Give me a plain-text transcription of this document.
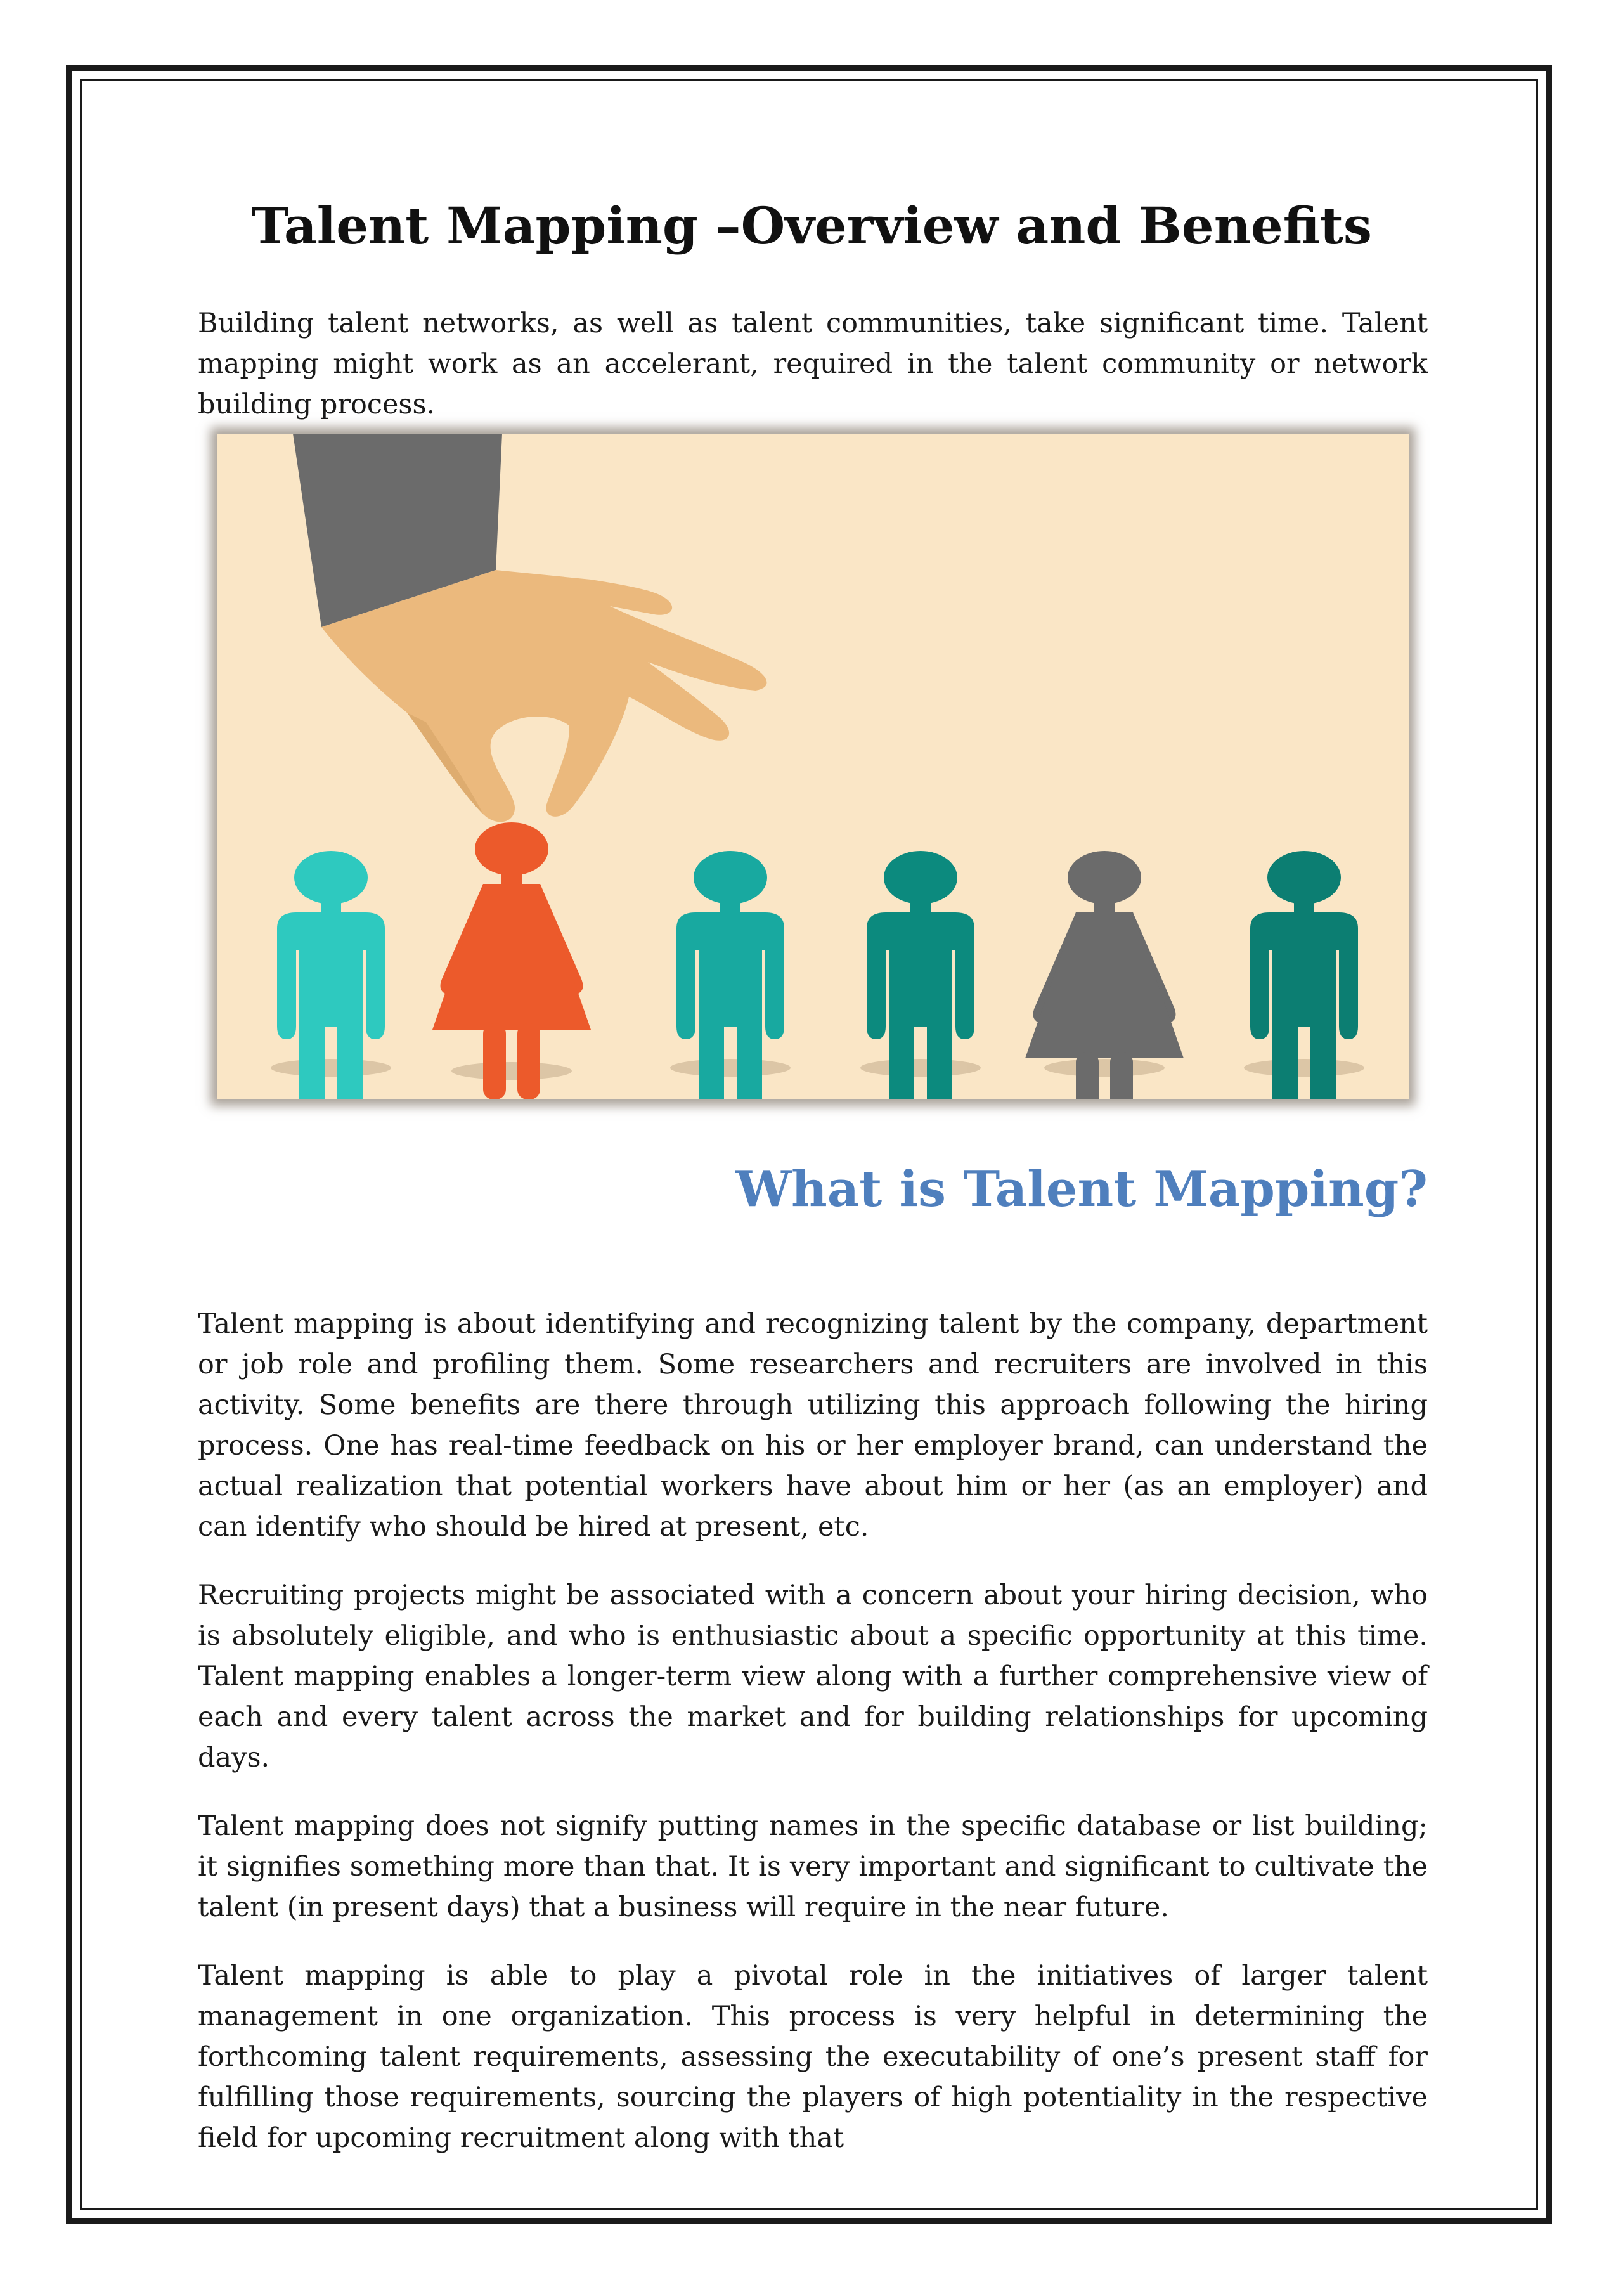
Talent Mapping –Overview and Benefits

Building talent networks, as well as talent communities, take significant time. Talent mapping might work as an accelerant, required in the talent community or network building process.

What is Talent Mapping?

Talent mapping is about identifying and recognizing talent by the company, department or job role and profiling them. Some researchers and recruiters are involved in this activity. Some benefits are there through utilizing this approach following the hiring process. One has real-time feedback on his or her employer brand, can understand the actual realization that potential workers have about him or her (as an employer) and can identify who should be hired at present, etc.

Recruiting projects might be associated with a concern about your hiring decision, who is absolutely eligible, and who is enthusiastic about a specific opportunity at this time. Talent mapping enables a longer-term view along with a further comprehensive view of each and every talent across the market and for building relationships for upcoming days.

Talent mapping does not signify putting names in the specific database or list building; it signifies something more than that. It is very important and significant to cultivate the talent (in present days) that a business will require in the near future.

Talent mapping is able to play a pivotal role in the initiatives of larger talent management in one organization. This process is very helpful in determining the forthcoming talent requirements, assessing the executability of one’s present staff for fulfilling those requirements, sourcing the players of high potentiality in the respective field for upcoming recruitment along with that
